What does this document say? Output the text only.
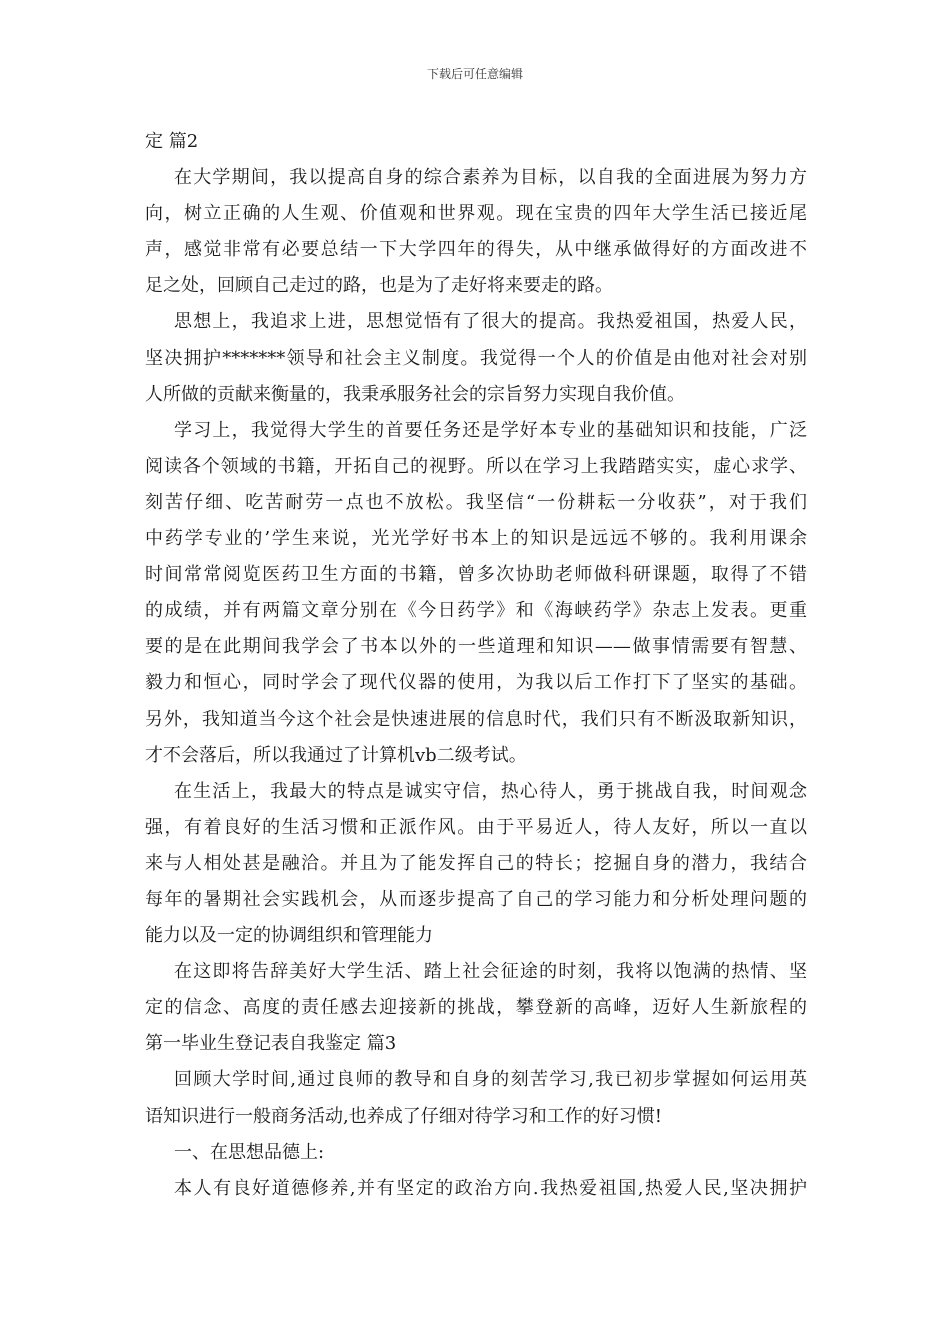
下载后可任意编辑
定 篇2
在大学期间，我以提高自身的综合素养为目标，以自我的全面进展为努力方
向，树立正确的人生观、价值观和世界观。现在宝贵的四年大学生活已接近尾
声，感觉非常有必要总结一下大学四年的得失，从中继承做得好的方面改进不
足之处，回顾自己走过的路，也是为了走好将来要走的路。
思想上，我追求上进，思想觉悟有了很大的提高。我热爱祖国，热爱人民，
坚决拥护*******领导和社会主义制度。我觉得一个人的价值是由他对社会对别
人所做的贡献来衡量的，我秉承服务社会的宗旨努力实现自我价值。
学习上，我觉得大学生的首要任务还是学好本专业的基础知识和技能，广泛
阅读各个领域的书籍，开拓自己的视野。所以在学习上我踏踏实实，虚心求学、
刻苦仔细、吃苦耐劳一点也不放松。我坚信“一份耕耘一分收获”，对于我们
中药学专业的’学生来说，光光学好书本上的知识是远远不够的。我利用课余
时间常常阅览医药卫生方面的书籍，曾多次协助老师做科研课题，取得了不错
的成绩，并有两篇文章分别在《今日药学》和《海峡药学》杂志上发表。更重
要的是在此期间我学会了书本以外的一些道理和知识——做事情需要有智慧、
毅力和恒心，同时学会了现代仪器的使用，为我以后工作打下了坚实的基础。
另外，我知道当今这个社会是快速进展的信息时代，我们只有不断汲取新知识，
才不会落后，所以我通过了计算机vb二级考试。
在生活上，我最大的特点是诚实守信，热心待人，勇于挑战自我，时间观念
强，有着良好的生活习惯和正派作风。由于平易近人，待人友好，所以一直以
来与人相处甚是融洽。并且为了能发挥自己的特长；挖掘自身的潜力，我结合
每年的暑期社会实践机会，从而逐步提高了自己的学习能力和分析处理问题的
能力以及一定的协调组织和管理能力
在这即将告辞美好大学生活、踏上社会征途的时刻，我将以饱满的热情、坚
定的信念、高度的责任感去迎接新的挑战，攀登新的高峰，迈好人生新旅程的
第一毕业生登记表自我鉴定 篇3
回顾大学时间,通过良师的教导和自身的刻苦学习,我已初步掌握如何运用英
语知识进行一般商务活动,也养成了仔细对待学习和工作的好习惯!
一、在思想品德上:
本人有良好道德修养,并有坚定的政治方向.我热爱祖国,热爱人民,坚决拥护
